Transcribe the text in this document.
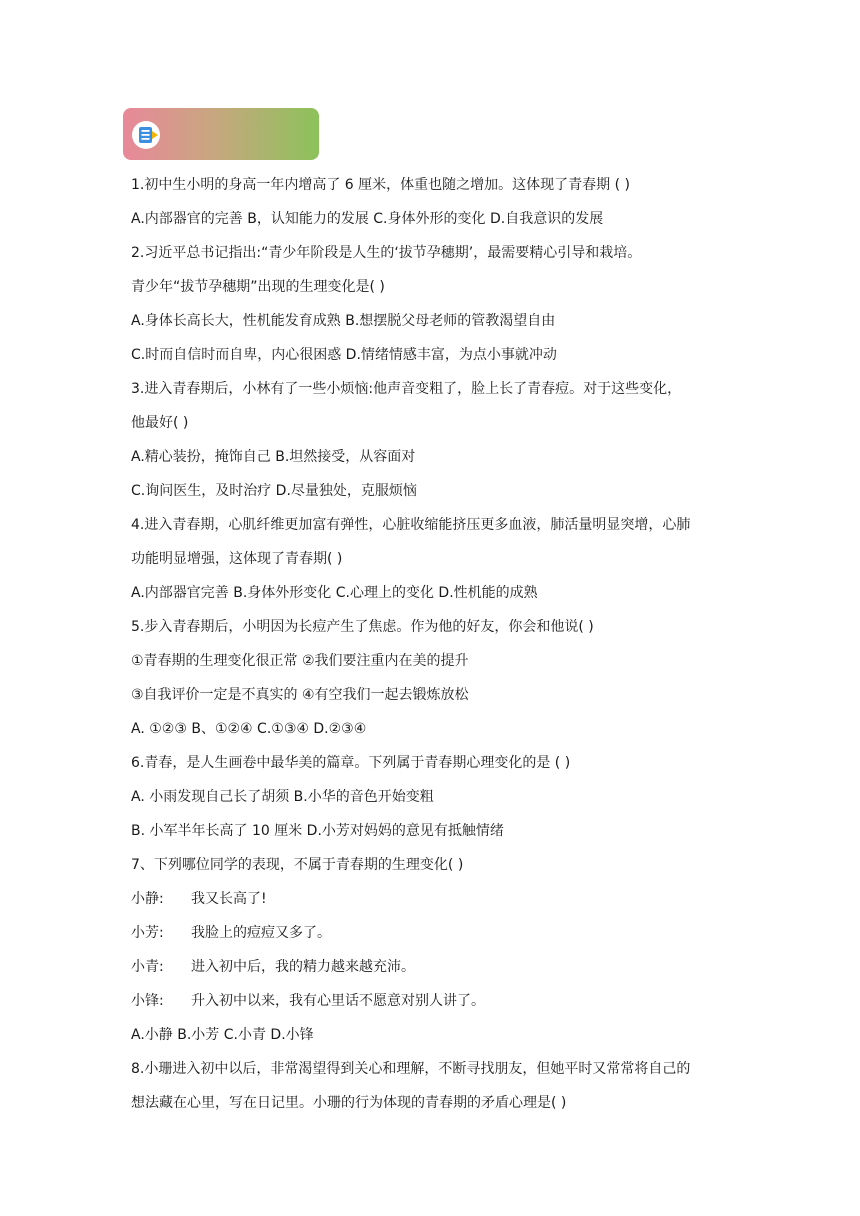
1.初中生小明的身高一年内增高了 6 厘米，体重也随之增加。这体现了青春期 ( )
A.内部器官的完善 B，认知能力的发展 C.身体外形的变化 D.自我意识的发展
2.习近平总书记指出:“青少年阶段是人生的‘拔节孕穗期’，最需要精心引导和栽培。
青少年“拔节孕穗期”出现的生理变化是( )
A.身体长高长大，性机能发育成熟 B.想摆脱父母老师的管教渴望自由
C.时而自信时而自卑，内心很困惑 D.情绪情感丰富，为点小事就冲动
3.进入青春期后，小林有了一些小烦恼:他声音变粗了，脸上长了青春痘。对于这些变化，
他最好( )
A.精心装扮，掩饰自己 B.坦然接受，从容面对
C.询问医生，及时治疗 D.尽量独处，克服烦恼
4.进入青春期，心肌纤维更加富有弹性，心脏收缩能挤压更多血液，肺活量明显突增，心肺
功能明显增强，这体现了青春期( )
A.内部器官完善 B.身体外形变化 C.心理上的变化 D.性机能的成熟
5.步入青春期后，小明因为长痘产生了焦虑。作为他的好友，你会和他说( )
①青春期的生理变化很正常 ②我们要注重内在美的提升
③自我评价一定是不真实的 ④有空我们一起去锻炼放松
A. ①②③ B、①②④ C.①③④ D.②③④
6.青春，是人生画卷中最华美的篇章。下列属于青春期心理变化的是 ( )
A. 小雨发现自己长了胡须 B.小华的音色开始变粗
B. 小军半年长高了 10 厘米 D.小芳对妈妈的意见有抵触情绪
7、下列哪位同学的表现，不属于青春期的生理变化( )
小静:	我又长高了!
小芳:	我脸上的痘痘又多了。
小青:	进入初中后，我的精力越来越充沛。
小锋:	升入初中以来，我有心里话不愿意对别人讲了。
A.小静 B.小芳 C.小青 D.小锋
8.小珊进入初中以后，非常渴望得到关心和理解，不断寻找朋友，但她平时又常常将自己的
想法藏在心里，写在日记里。小珊的行为体现的青春期的矛盾心理是( )
